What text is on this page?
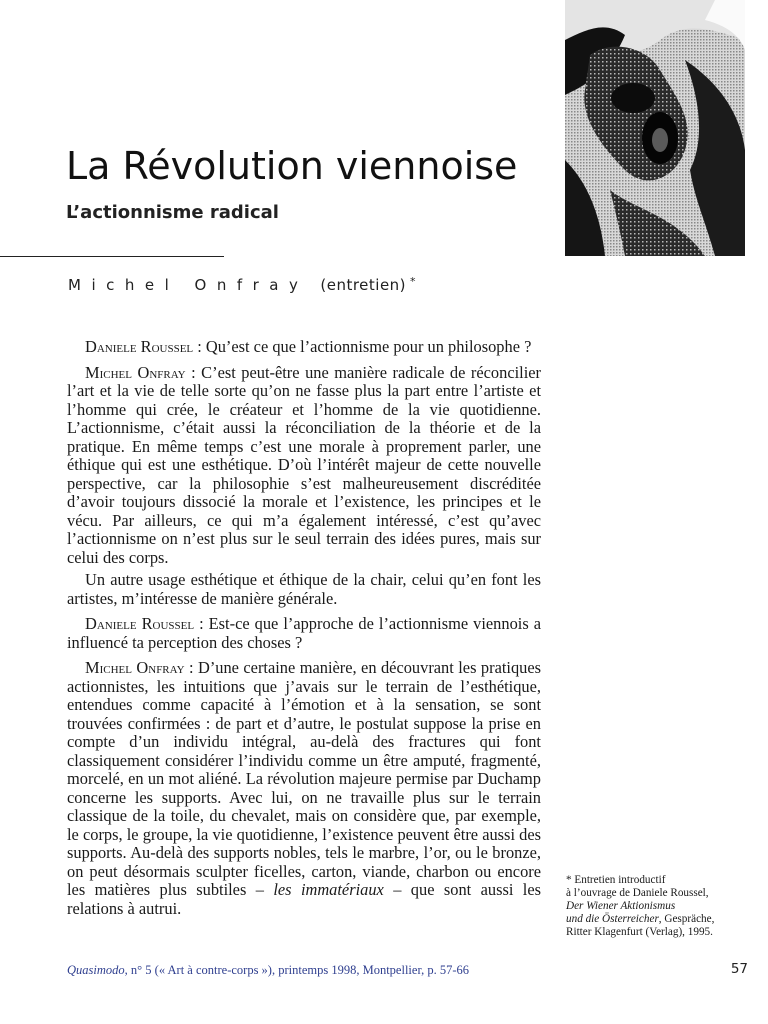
La Révolution viennoise
L’actionnisme radical
Michel Onfray (entretien) *

Daniele Roussel : Qu’est ce que l’actionnisme pour un philosophe ?

Michel Onfray : C’est peut-être une manière radicale de réconcilier l’art et la vie de telle sorte qu’on ne fasse plus la part entre l’artiste et l’homme qui crée, le créateur et l’homme de la vie quotidienne. L’actionnisme, c’était aussi la réconciliation de la théorie et de la pratique. En même temps c’est une morale à proprement parler, une éthique qui est une esthétique. D’où l’intérêt majeur de cette nouvelle perspective, car la philosophie s’est malheureusement discréditée d’avoir toujours dissocié la morale et l’existence, les principes et le vécu. Par ailleurs, ce qui m’a également intéressé, c’est qu’avec l’actionnisme on n’est plus sur le seul terrain des idées pures, mais sur celui des corps.

Un autre usage esthétique et éthique de la chair, celui qu’en font les artistes, m’intéresse de manière générale.

Daniele Roussel : Est-ce que l’approche de l’actionnisme viennois a influencé ta perception des choses ?

Michel Onfray : D’une certaine manière, en découvrant les pratiques actionnistes, les intuitions que j’avais sur le terrain de l’esthétique, entendues comme capacité à l’émotion et à la sensation, se sont trouvées confirmées : de part et d’autre, le postulat suppose la prise en compte d’un individu intégral, au-delà des fractures qui font classiquement considérer l’individu comme un être amputé, fragmenté, morcelé, en un mot aliéné. La révolution majeure permise par Duchamp concerne les supports. Avec lui, on ne travaille plus sur le terrain classique de la toile, du chevalet, mais on considère que, par exemple, le corps, le groupe, la vie quotidienne, l’existence peuvent être aussi des supports. Au-delà des supports nobles, tels le marbre, l’or, ou le bronze, on peut désormais sculpter ficelles, carton, viande, charbon ou encore les matières plus subtiles – les immatériaux – que sont aussi les relations à autrui.

* Entretien introductif
à l’ouvrage de Daniele Roussel,
Der Wiener Aktionismus
und die Österreicher, Gespräche,
Ritter Klagenfurt (Verlag), 1995.
Quasimodo, n° 5 (« Art à contre-corps »), printemps 1998, Montpellier, p. 57-66	57
